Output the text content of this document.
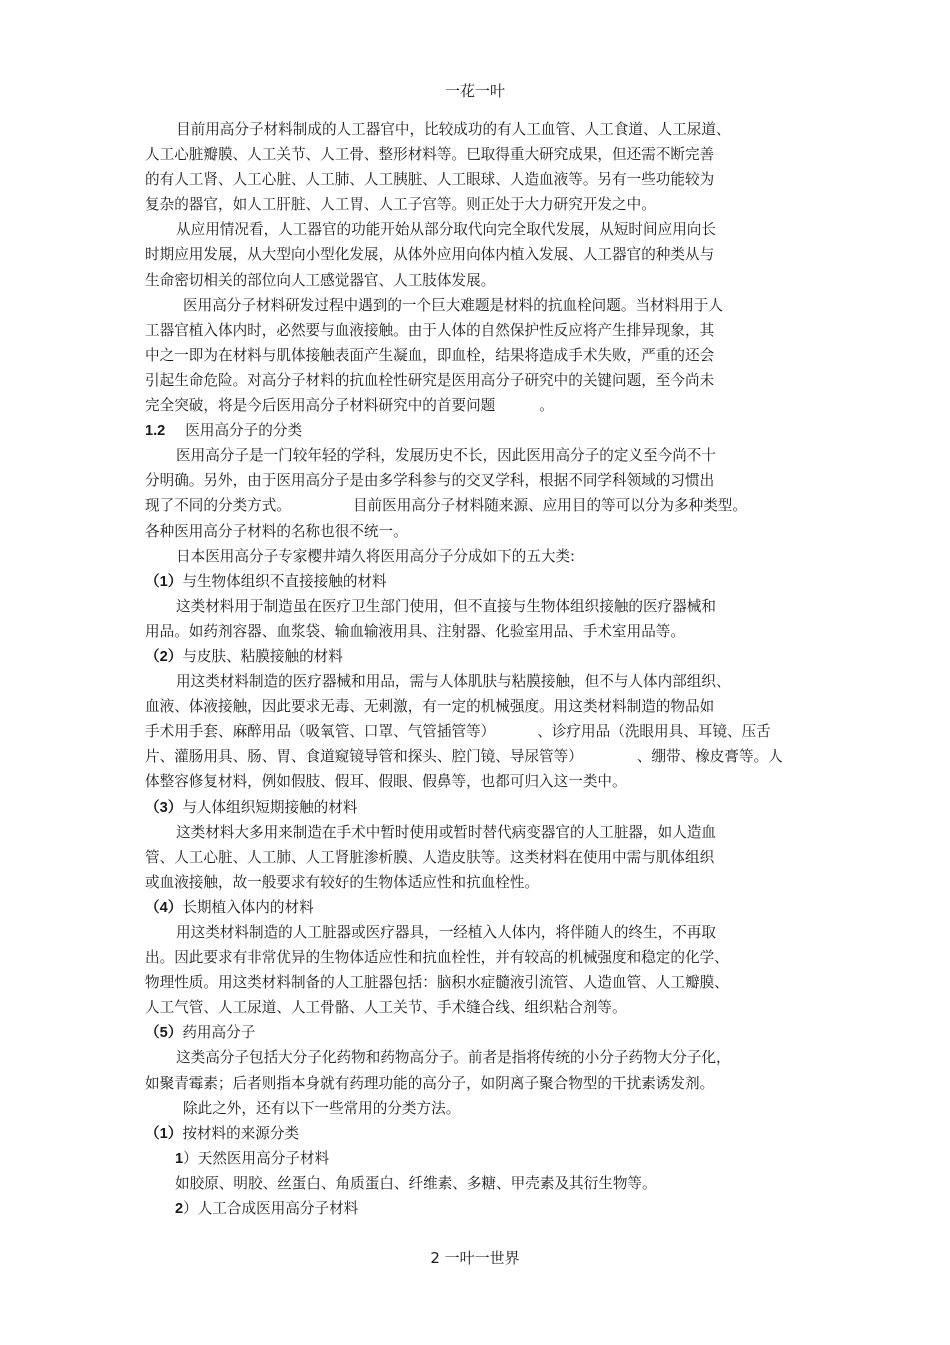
一花一叶
目前用高分子材料制成的人工器官中，比较成功的有人工血管、人工食道、人工尿道、
人工心脏瓣膜、人工关节、人工骨、整形材料等。巳取得重大研究成果，但还需不断完善
的有人工肾、人工心脏、人工肺、人工胰脏、人工眼球、人造血液等。另有一些功能较为
复杂的器官，如人工肝脏、人工胃、人工子宫等。则正处于大力研究开发之中。
从应用情况看，人工器官的功能开始从部分取代向完全取代发展，从短时间应用向长
时期应用发展，从大型向小型化发展，从体外应用向体内植入发展、人工器官的种类从与
生命密切相关的部位向人工感觉器官、人工肢体发展。
医用高分子材料研发过程中遇到的一个巨大难题是材料的抗血栓问题。当材料用于人
工器官植入体内时，必然要与血液接触。由于人体的自然保护性反应将产生排异现象，其
中之一即为在材料与肌体接触表面产生凝血，即血栓，结果将造成手术失败，严重的还会
引起生命危险。对高分子材料的抗血栓性研究是医用高分子研究中的关键问题，至今尚未
完全突破，将是今后医用高分子材料研究中的首要问题	。
1.2 医用高分子的分类
医用高分子是一门较年轻的学科，发展历史不长，因此医用高分子的定义至今尚不十
分明确。另外，由于医用高分子是由多学科参与的交叉学科，根据不同学科领域的习惯出
现了不同的分类方式。	目前医用高分子材料随来源、应用目的等可以分为多种类型。
各种医用高分子材料的名称也很不统一。
日本医用高分子专家樱井靖久将医用高分子分成如下的五大类:
（1）与生物体组织不直接接触的材料
这类材料用于制造虽在医疗卫生部门使用，但不直接与生物体组织接触的医疗器械和
用品。如药剂容器、血浆袋、输血输液用具、注射器、化验室用品、手术室用品等。
（2）与皮肤、粘膜接触的材料
用这类材料制造的医疗器械和用品，需与人体肌肤与粘膜接触，但不与人体内部组织、
血液、体液接触，因此要求无毒、无刺激，有一定的机械强度。用这类材料制造的物品如
手术用手套、麻醉用品（吸氧管、口罩、气管插管等）	、诊疗用品（洗眼用具、耳镜、压舌
片、灌肠用具、肠、胃、食道窥镜导管和探头、腔门镜、导尿管等）	、绷带、橡皮膏等。人
体整容修复材料，例如假肢、假耳、假眼、假鼻等，也都可归入这一类中。
（3）与人体组织短期接触的材料
这类材料大多用来制造在手术中暂时使用或暂时替代病变器官的人工脏器，如人造血
管、人工心脏、人工肺、人工肾脏渗析膜、人造皮肤等。这类材料在使用中需与肌体组织
或血液接触，故一般要求有较好的生物体适应性和抗血栓性。
（4）长期植入体内的材料
用这类材料制造的人工脏器或医疗器具，一经植入人体内，将伴随人的终生，不再取
出。因此要求有非常优异的生物体适应性和抗血栓性，并有较高的机械强度和稳定的化学、
物理性质。用这类材料制备的人工脏器包括：脑积水症髓液引流管、人造血管、人工瓣膜、
人工气管、人工尿道、人工骨骼、人工关节、手术缝合线、组织粘合剂等。
（5）药用高分子
这类高分子包括大分子化药物和药物高分子。前者是指将传统的小分子药物大分子化，
如聚青霉素；后者则指本身就有药理功能的高分子，如阴离子聚合物型的干扰素诱发剂。
除此之外，还有以下一些常用的分类方法。
（1）按材料的来源分类
1）天然医用高分子材料
如胶原、明胶、丝蛋白、角质蛋白、纤维素、多糖、甲壳素及其衍生物等。
2）人工合成医用高分子材料
2 一叶一世界
